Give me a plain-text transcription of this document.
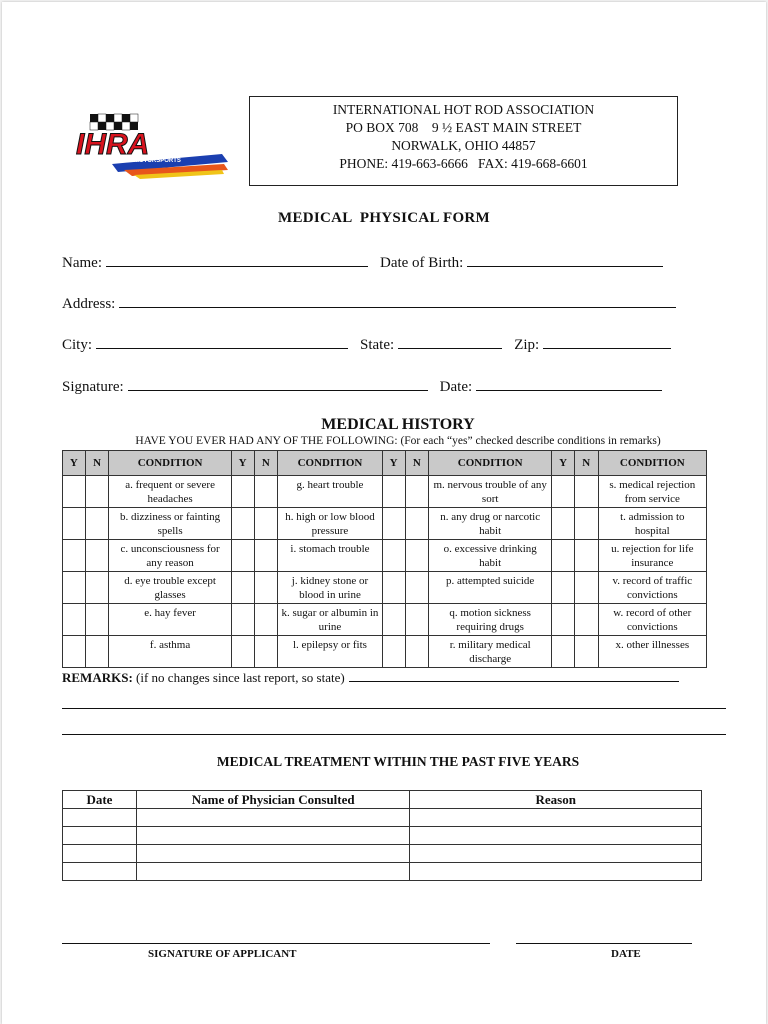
IHRA
MOTORSPORTS
INTERNATIONAL HOT ROD ASSOCIATION
PO BOX 708    9 ½ EAST MAIN STREET
NORWALK, OHIO 44857
PHONE: 419-663-6666   FAX: 419-668-6601
MEDICAL  PHYSICAL FORM
Name:	Date of Birth:
Address:
City:	State:	Zip:
Signature:	Date:
MEDICAL HISTORY
HAVE YOU EVER HAD ANY OF THE FOLLOWING: (For each “yes” checked describe conditions in remarks)
Y	N	CONDITION	Y	N	CONDITION	Y	N	CONDITION	Y	N	CONDITION
		a. frequent or severe headaches			g. heart trouble			m. nervous trouble of any sort			s. medical rejection from service
		b. dizziness or fainting spells			h. high or low blood pressure			n. any drug or narcotic habit			t. admission to hospital
		c. unconsciousness for any reason			i. stomach trouble			o. excessive drinking habit			u. rejection for life insurance
		d. eye trouble except glasses			j. kidney stone or blood in urine			p. attempted suicide			v. record of traffic convictions
		e. hay fever			k. sugar or albumin in urine			q. motion sickness requiring drugs			w. record of other convictions
		f. asthma			l. epilepsy or fits			r. military medical discharge			x. other illnesses
REMARKS: (if no changes since last report, so state)
MEDICAL TREATMENT WITHIN THE PAST FIVE YEARS
Date	Name of Physician Consulted	Reason

SIGNATURE OF APPLICANT	DATE
